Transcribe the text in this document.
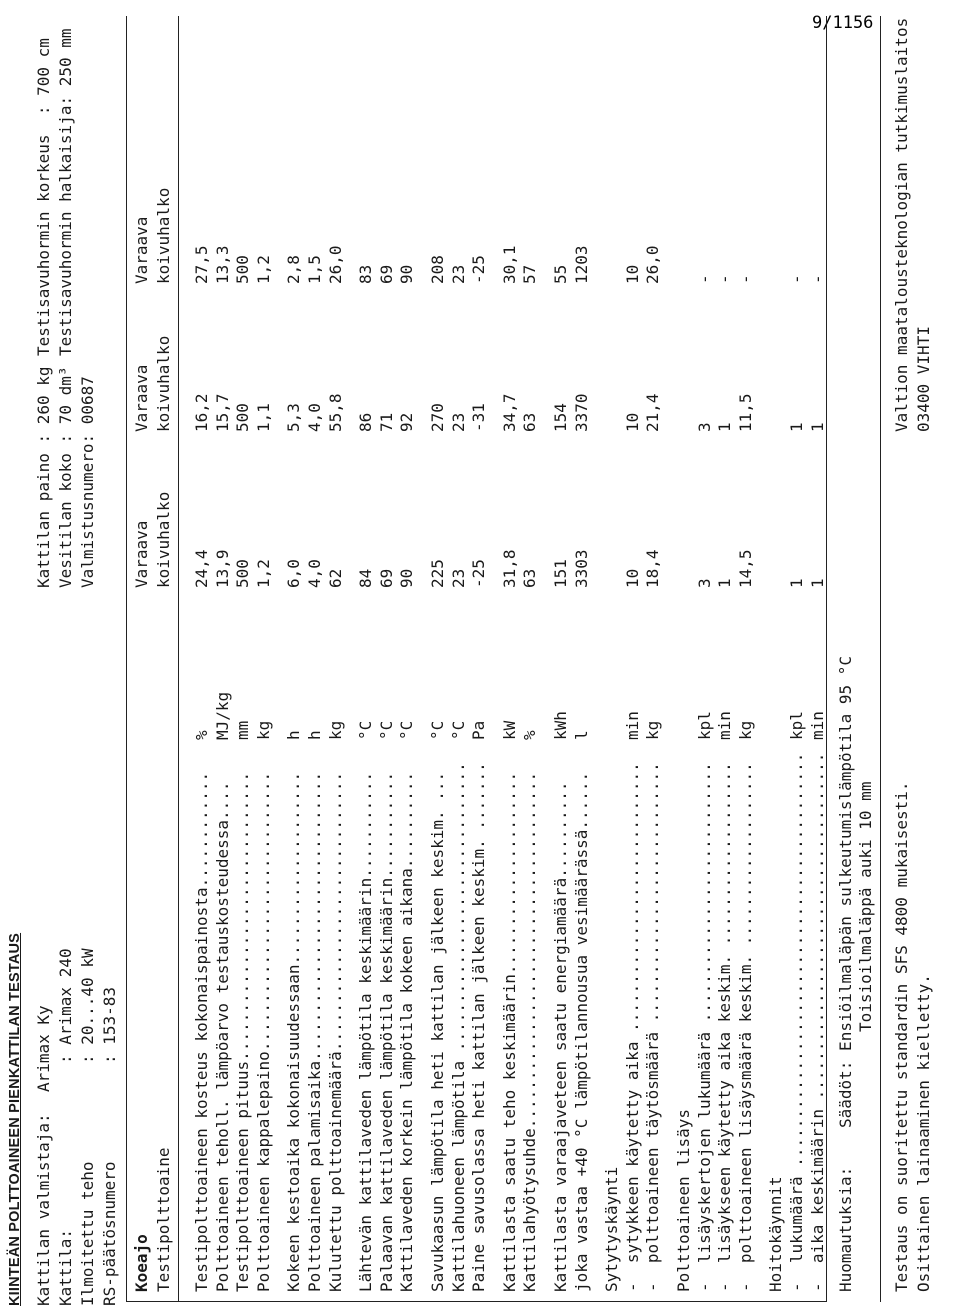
9/1156
KIINTEÄN POLTTOAINEEN PIENKATTILAN TESTAUS Kattilan valmistaja:
Arimax Ky
Kattila:
: Arimax 240
Ilmoitettu teho
: 20...40 kW
RS-päätösnumero
: 153-83
Kattilan paino : 260 kg Vesitilan koko : 70 dm³ Valmistusnumero: 00687
Testisavuhormin korkeus  : 700 cm Testisavuhormin halkaisija: 250 mm
Koeajo Testipolttoaine
Varaava koivuhalko
Varaava koivuhalko
Varaava koivuhalko
Testipolttoaineen kosteus kokonaispainosta............
%
24,4
16,2
27,5
Polttoaineen teholl. lämpöarvo testauskosteudessa....
MJ/kg
13,9
15,7
13,3
Testipolttoaineen pituus..............................
mm
500
500
500
Polttoaineen kappalepaino.............................
kg
1,2
1,1
1,2
Kokeen kestoaika kokonaisuudessaan....................
h
6,0
5,3
2,8
Polttoaineen palamisaika..............................
h
4,0
4,0
1,5
Kulutettu polttoainemäärä.............................
kg
62
55,8
26,0
Lähtevän kattilaveden lämpötila keskimäärin...........
°C
84
86
83
Palaavan kattilaveden lämpötila keskimäärin...........
°C
69
71
69
Kattilaveden korkein lämpötila kokeen aikana..........
°C
90
92
90
Savukaasun lämpötila heti kattilan jälkeen keskim. ...
°C
225
270
208
Kattilahuoneen lämpötila ..............................
°C
23
23
23
Paine savusolassa heti kattilan jälkeen keskim. .......
Pa
-25
-31
-25
Kattilasta saatu teho keskimäärin.....................
kW
31,8
34,7
30,1
Kattilahyötysuhde.....................................
%
63
63
57
Kattilasta varaajaveteen saatu energiamäärä..........
kWh
151
154
55
joka vastaa +40 °C lämpötilannousua vesimäärässä......
l
3303
3370
1203
Sytytyskäynti -  sytykkeen käytetty aika ............................
min
10
10
10
-  polttoaineen täytösmäärä ...........................
kg
18,4
21,4
26,0
Polttoaineen lisäys -  lisäyskertojen lukumäärä ...........................
kpl
3
3
-
-  lisäykseen käytetty aika keskim. ...................
min
1
1
-
-  polttoaineen lisäysmäärä keskim. ...................
kg
14,5
11,5
-
Hoitokäynnit -  lukumäärä ...........................................
kpl
1
1
-
-  aika keskimäärin ....................................
min
1
1
-
Huomautuksia:
Säädöt: Ensiöilmaläpän sulkeutumislämpötila 95 °C Toisioilmaläppä auki 10 mm Testaus on suoritettu standardin SFS 4800 mukaisesti. Osittainen lainaaminen kielletty.
Valtion maatalousteknologian tutkimuslaitos 03400 VIHTI
